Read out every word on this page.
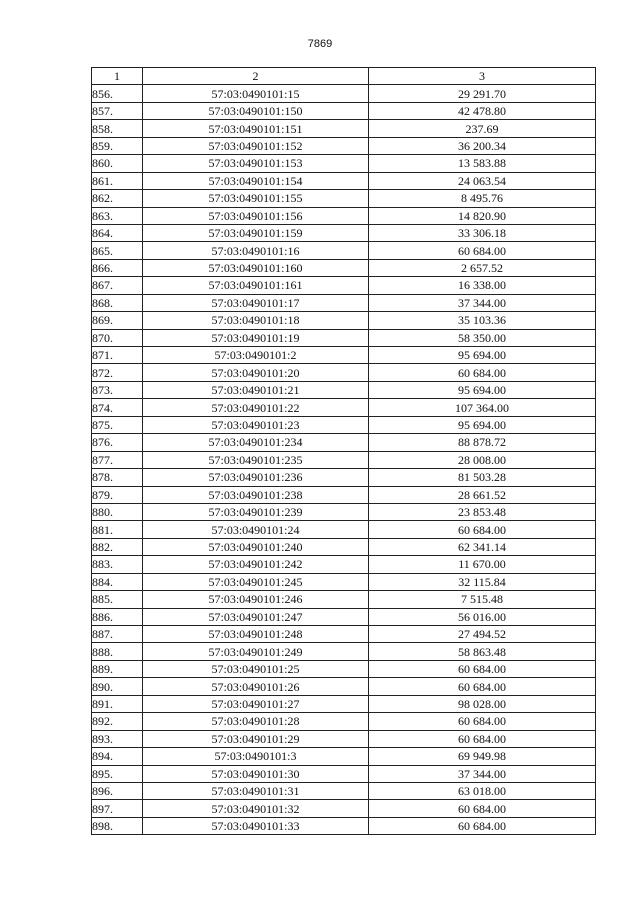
7869
1	2	3
856.	57:03:0490101:15	29 291.70
857.	57:03:0490101:150	42 478.80
858.	57:03:0490101:151	237.69
859.	57:03:0490101:152	36 200.34
860.	57:03:0490101:153	13 583.88
861.	57:03:0490101:154	24 063.54
862.	57:03:0490101:155	8 495.76
863.	57:03:0490101:156	14 820.90
864.	57:03:0490101:159	33 306.18
865.	57:03:0490101:16	60 684.00
866.	57:03:0490101:160	2 657.52
867.	57:03:0490101:161	16 338.00
868.	57:03:0490101:17	37 344.00
869.	57:03:0490101:18	35 103.36
870.	57:03:0490101:19	58 350.00
871.	57:03:0490101:2	95 694.00
872.	57:03:0490101:20	60 684.00
873.	57:03:0490101:21	95 694.00
874.	57:03:0490101:22	107 364.00
875.	57:03:0490101:23	95 694.00
876.	57:03:0490101:234	88 878.72
877.	57:03:0490101:235	28 008.00
878.	57:03:0490101:236	81 503.28
879.	57:03:0490101:238	28 661.52
880.	57:03:0490101:239	23 853.48
881.	57:03:0490101:24	60 684.00
882.	57:03:0490101:240	62 341.14
883.	57:03:0490101:242	11 670.00
884.	57:03:0490101:245	32 115.84
885.	57:03:0490101:246	7 515.48
886.	57:03:0490101:247	56 016.00
887.	57:03:0490101:248	27 494.52
888.	57:03:0490101:249	58 863.48
889.	57:03:0490101:25	60 684.00
890.	57:03:0490101:26	60 684.00
891.	57:03:0490101:27	98 028.00
892.	57:03:0490101:28	60 684.00
893.	57:03:0490101:29	60 684.00
894.	57:03:0490101:3	69 949.98
895.	57:03:0490101:30	37 344.00
896.	57:03:0490101:31	63 018.00
897.	57:03:0490101:32	60 684.00
898.	57:03:0490101:33	60 684.00
